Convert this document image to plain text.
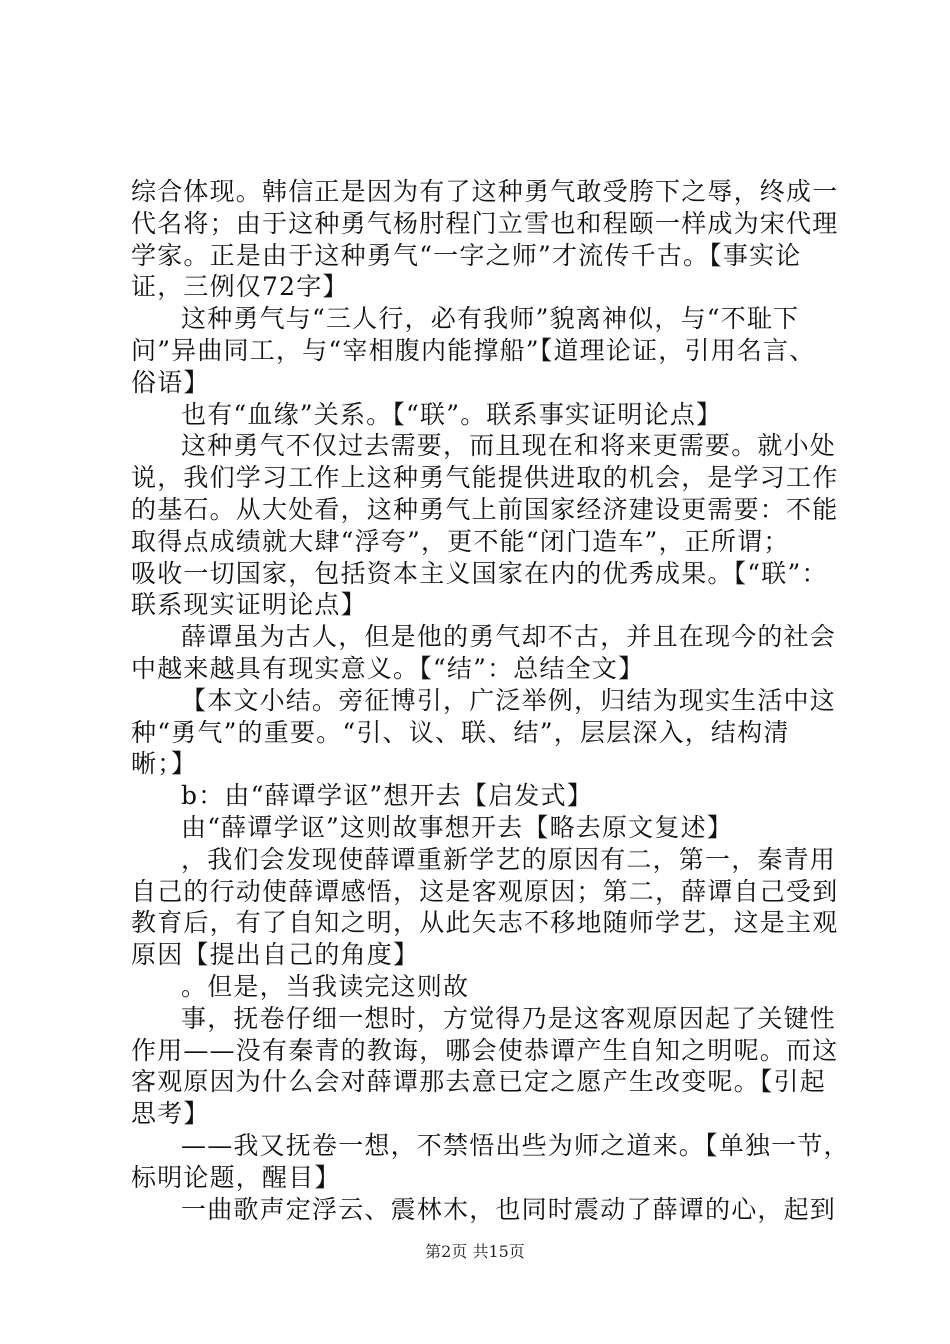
综合体现。韩信正是因为有了这种勇气敢受胯下之辱，终成一
代名将；由于这种勇气杨肘程门立雪也和程颐一样成为宋代理
学家。正是由于这种勇气“一字之师”才流传千古。【事实论
证，三例仅72字】
这种勇气与“三人行，必有我师”貌离神似，与“不耻下
问”异曲同工，与“宰相腹内能撑船”【道理论证，引用名言、
俗语】
也有“血缘”关系。【“联”。联系事实证明论点】
这种勇气不仅过去需要，而且现在和将来更需要。就小处
说，我们学习工作上这种勇气能提供进取的机会，是学习工作
的基石。从大处看，这种勇气上前国家经济建设更需要：不能
取得点成绩就大肆“浮夸”，更不能“闭门造车”，正所谓；
吸收一切国家，包括资本主义国家在内的优秀成果。【“联”：
联系现实证明论点】
薛谭虽为古人，但是他的勇气却不古，并且在现今的社会
中越来越具有现实意义。【“结”：总结全文】
【本文小结。旁征博引，广泛举例，归结为现实生活中这
种“勇气”的重要。“引、议、联、结”，层层深入，结构清
晰；】
b：由“薛谭学讴”想开去【启发式】
由“薛谭学讴”这则故事想开去【略去原文复述】
，我们会发现使薛谭重新学艺的原因有二，第一，秦青用
自己的行动使薛谭感悟，这是客观原因；第二，薛谭自己受到
教育后，有了自知之明，从此矢志不移地随师学艺，这是主观
原因【提出自己的角度】
。但是，当我读完这则故
事，抚卷仔细一想时，方觉得乃是这客观原因起了关键性
作用——没有秦青的教诲，哪会使恭谭产生自知之明呢。而这
客观原因为什么会对薛谭那去意已定之愿产生改变呢。【引起
思考】
——我又抚卷一想，不禁悟出些为师之道来。【单独一节，
标明论题，醒目】
一曲歌声定浮云、震林木，也同时震动了薛谭的心，起到
第2页 共15页
